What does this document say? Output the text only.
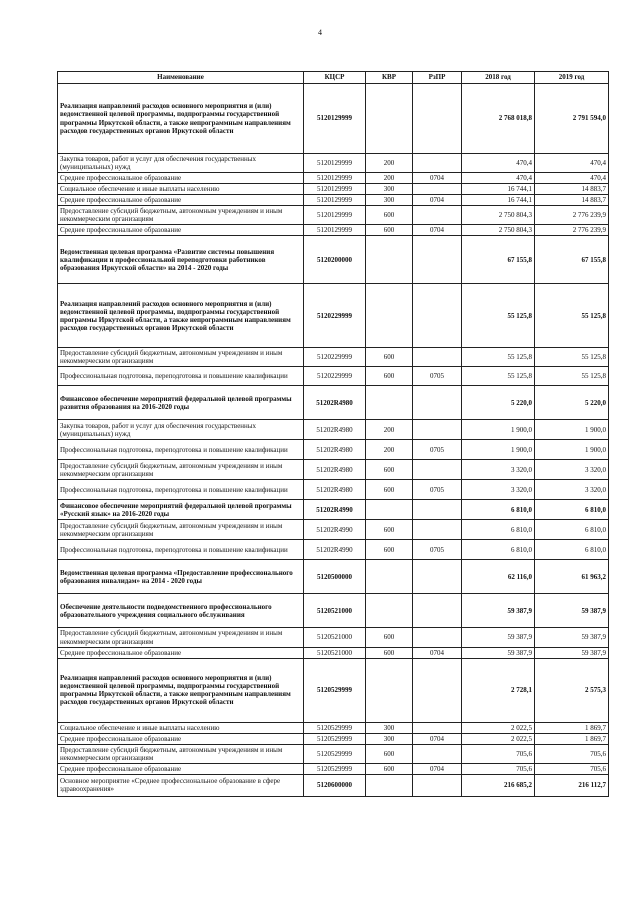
4
Наименование	КЦСР	КВР	РзПР	2018 год	2019 год
Реализация направлений расходов основного мероприятия и (или) ведомственной целевой программы, подпрограммы государственной программы Иркутской области, а также непрограммным направлениям расходов государственных органов Иркутской области	5120129999			2 768 018,8	2 791 594,0
Закупка товаров, работ и услуг для обеспечения государственных (муниципальных) нужд	5120129999	200		470,4	470,4
Среднее профессиональное образование	5120129999	200	0704	470,4	470,4
Социальное обеспечение и иные выплаты населению	5120129999	300		16 744,1	14 883,7
Среднее профессиональное образование	5120129999	300	0704	16 744,1	14 883,7
Предоставление субсидий бюджетным, автономным учреждениям и иным некоммерческим организациям	5120129999	600		2 750 804,3	2 776 239,9
Среднее профессиональное образование	5120129999	600	0704	2 750 804,3	2 776 239,9
Ведомственная целевая программа «Развитие системы повышения квалификации и профессиональной переподготовки работников образования Иркутской области» на 2014 - 2020 годы	5120200000			67 155,8	67 155,8
Реализация направлений расходов основного мероприятия и (или) ведомственной целевой программы, подпрограммы государственной программы Иркутской области, а также непрограммным направлениям расходов государственных органов Иркутской области	5120229999			55 125,8	55 125,8
Предоставление субсидий бюджетным, автономным учреждениям и иным некоммерческим организациям	5120229999	600		55 125,8	55 125,8
Профессиональная подготовка, переподготовка и повышение квалификации	5120229999	600	0705	55 125,8	55 125,8
Финансовое обеспечение мероприятий федеральной целевой программы развития образования на 2016-2020 годы	51202R4980			5 220,0	5 220,0
Закупка товаров, работ и услуг для обеспечения государственных (муниципальных) нужд	51202R4980	200		1 900,0	1 900,0
Профессиональная подготовка, переподготовка и повышение квалификации	51202R4980	200	0705	1 900,0	1 900,0
Предоставление субсидий бюджетным, автономным учреждениям и иным некоммерческим организациям	51202R4980	600		3 320,0	3 320,0
Профессиональная подготовка, переподготовка и повышение квалификации	51202R4980	600	0705	3 320,0	3 320,0
Финансовое обеспечение мероприятий федеральной целевой программы «Русский язык» на 2016-2020 годы	51202R4990			6 810,0	6 810,0
Предоставление субсидий бюджетным, автономным учреждениям и иным некоммерческим организациям	51202R4990	600		6 810,0	6 810,0
Профессиональная подготовка, переподготовка и повышение квалификации	51202R4990	600	0705	6 810,0	6 810,0
Ведомственная целевая программа «Предоставление профессионального образования инвалидам» на 2014 - 2020 годы	5120500000			62 116,0	61 963,2
Обеспечение деятельности подведомственного профессионального образовательного учреждения социального обслуживания	5120521000			59 387,9	59 387,9
Предоставление субсидий бюджетным, автономным учреждениям и иным некоммерческим организациям	5120521000	600		59 387,9	59 387,9
Среднее профессиональное образование	5120521000	600	0704	59 387,9	59 387,9
Реализация направлений расходов основного мероприятия и (или) ведомственной целевой программы, подпрограммы государственной программы Иркутской области, а также непрограммным направлениям расходов государственных органов Иркутской области	5120529999			2 728,1	2 575,3
Социальное обеспечение и иные выплаты населению	5120529999	300		2 022,5	1 869,7
Среднее профессиональное образование	5120529999	300	0704	2 022,5	1 869,7
Предоставление субсидий бюджетным, автономным учреждениям и иным некоммерческим организациям	5120529999	600		705,6	705,6
Среднее профессиональное образование	5120529999	600	0704	705,6	705,6
Основное мероприятие «Среднее профессиональное образование в сфере здравоохранения»	5120600000			216 685,2	216 112,7
